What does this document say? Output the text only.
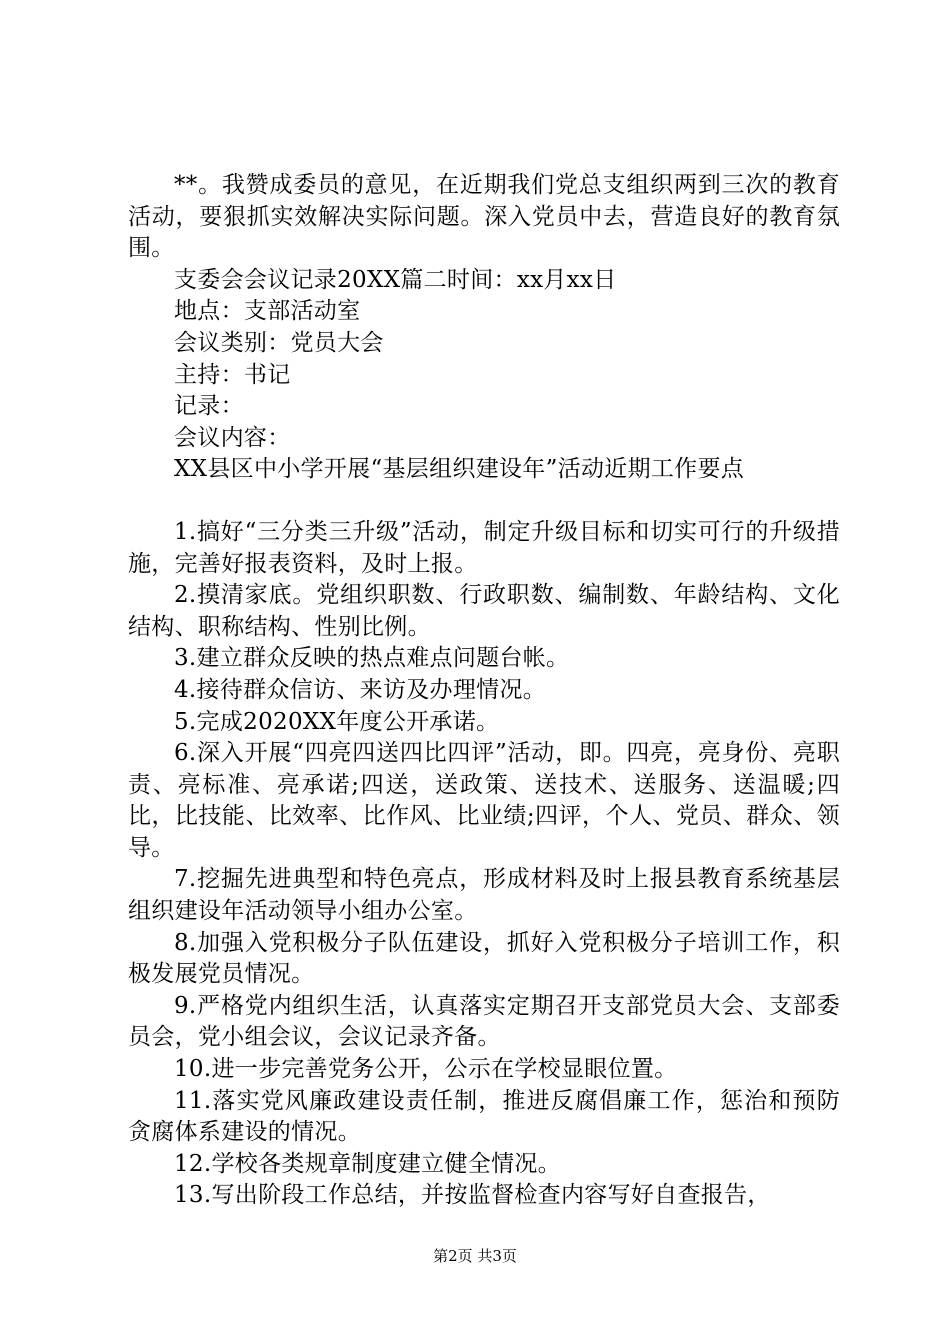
**。我赞成委员的意见，在近期我们党总支组织两到三次的教育活动，要狠抓实效解决实际问题。深入党员中去，营造良好的教育氛围。

支委会会议记录20XX篇二时间：xx月xx日

地点：支部活动室

会议类别：党员大会

主持：书记

记录：

会议内容：

XX县区中小学开展“基层组织建设年”活动近期工作要点

1.搞好“三分类三升级”活动，制定升级目标和切实可行的升级措施，完善好报表资料，及时上报。

2.摸清家底。党组织职数、行政职数、编制数、年龄结构、文化结构、职称结构、性别比例。

3.建立群众反映的热点难点问题台帐。

4.接待群众信访、来访及办理情况。

5.完成2020XX年度公开承诺。

6.深入开展“四亮四送四比四评”活动，即。四亮，亮身份、亮职责、亮标准、亮承诺;四送，送政策、送技术、送服务、送温暖;四比，比技能、比效率、比作风、比业绩;四评，个人、党员、群众、领导。

7.挖掘先进典型和特色亮点，形成材料及时上报县教育系统基层组织建设年活动领导小组办公室。

8.加强入党积极分子队伍建设，抓好入党积极分子培训工作，积极发展党员情况。

9.严格党内组织生活，认真落实定期召开支部党员大会、支部委员会，党小组会议，会议记录齐备。

10.进一步完善党务公开，公示在学校显眼位置。

11.落实党风廉政建设责任制，推进反腐倡廉工作，惩治和预防贪腐体系建设的情况。

12.学校各类规章制度建立健全情况。

13.写出阶段工作总结，并按监督检查内容写好自查报告，

第2页 共3页
